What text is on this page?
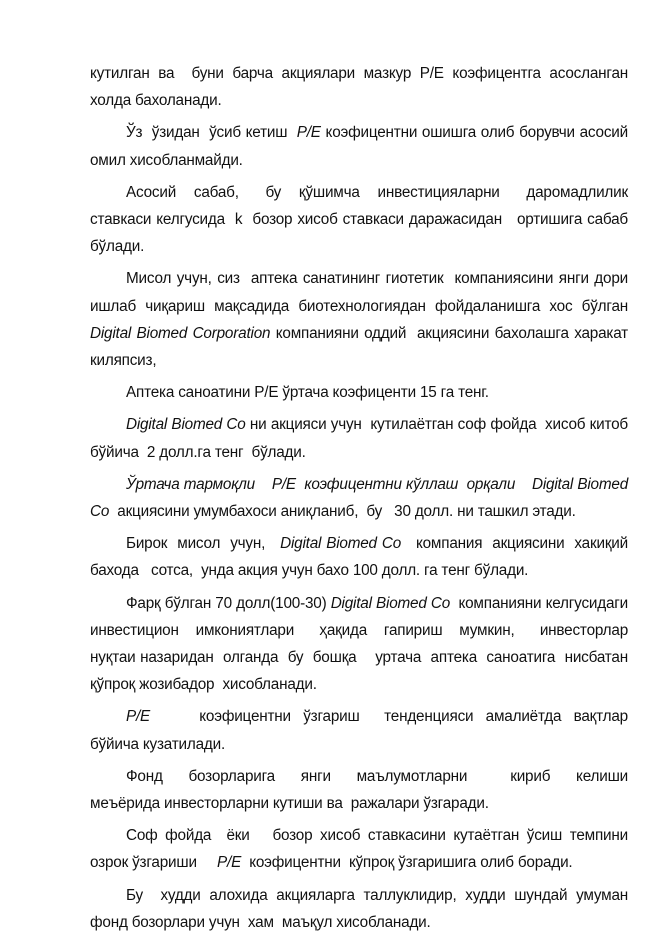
кутилган ва  буни барча акциялари мазкур P/E коэфицентга асосланган холда бахоланади.

Ўз  ўзидан  ўсиб кетиш  P/E коэфицентни ошишга олиб борувчи асосий омил хисобланмайди.

Асосий  сабаб,   бу  қўшимча  инвестицияларни   даромадлилик  ставкаси келгусида  k  бозор хисоб ставкаси даражасидан   ортишига сабаб бўлади.

Мисол учун, сиз  аптека санатининг гиотетик  компаниясини янги дори ишлаб  чиқариш  мақсадида  биотехнологиядан  фойдаланишга  хос  бўлган Digital Biomed Corporation компанияни оддий  акциясини бахолашга харакат киляпсиз,

Аптека саноатини P/E ўртача коэфиценти 15 га тенг.

Digital Biomed Co ни акцияси учун  кутилаётган соф фойда  хисоб китоб бўйича  2 долл.га тенг  бўлади.

Ўртача тармоқли    P/E  коэфицентни кўллаш  орқали    Digital Biomed Co  акциясини умумбахоси аниқланиб,  бу   30 долл. ни ташкил этади.

Бирок  мисол  учун,   Digital Biomed Co   компания  акциясини  хакиқий бахода   сотса,  унда акция учун бахо 100 долл. га тенг бўлади.

Фарқ бўлган 70 долл(100-30) Digital Biomed Co  компанияни келгусидаги инвестицион  имкониятлари   ҳақида  гапириш  мумкин,   инвесторлар  нуқтаи назаридан  олганда  бу  бошқа    уртача  аптека  саноатига  нисбатан    қўпроқ жозибадор  хисобланади.

P/E        коэфицентни  ўзгариш    тенденцияси  амалиётда  вақтлар  бўйича кузатилади.

Фонд   бозорларига   янги   маълумотларни     кириб   келиши   меъёрида инвесторларни кутиши ва  ражалари ўзгаради.

Соф фойда  ёки   бозор хисоб ставкасини кутаётган ўсиш темпини озрок ўзгариши     P/E  коэфицентни  кўпроқ ўзгаришига олиб боради.

Бу  худди алохида акцияларга таллуклидир, худди шундай умуман фонд бозорлари учун  хам  маъқул хисобланади.
